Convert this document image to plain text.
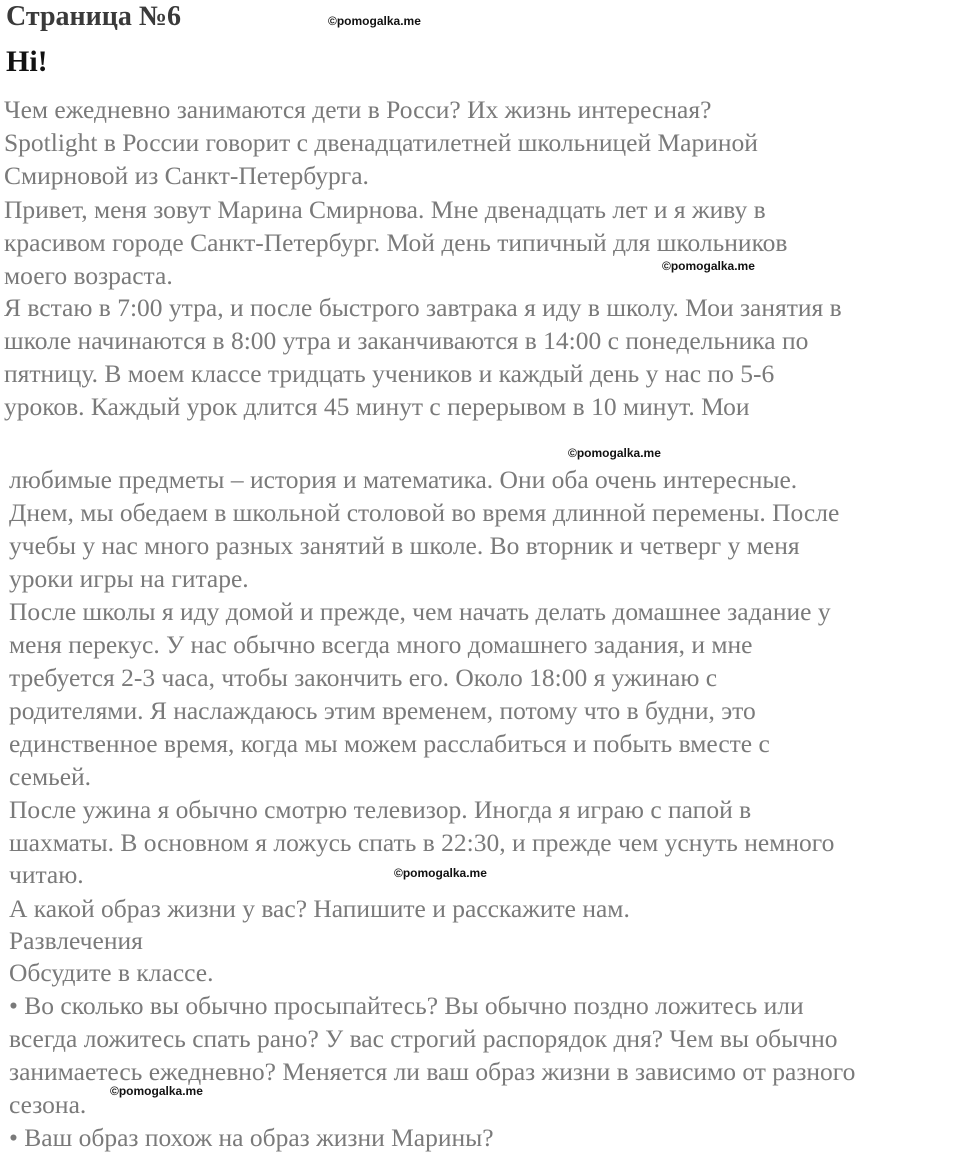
Страница №6	©pomogalka.me
Hi!
Чем ежедневно занимаются дети в Росси? Их жизнь интересная?
Spotlight в России говорит с двенадцатилетней школьницей Мариной
Смирновой из Санкт-Петербурга.
Привет, меня зовут Марина Смирнова. Мне двенадцать лет и я живу в
красивом городе Санкт-Петербург. Мой день типичный для школьников
моего возраста.
Я встаю в 7:00 утра, и после быстрого завтрака я иду в школу. Мои занятия в
школе начинаются в 8:00 утра и заканчиваются в 14:00 с понедельника по
пятницу. В моем классе тридцать учеников и каждый день у нас по 5-6
уроков. Каждый урок длится 45 минут с перерывом в 10 минут. Мои
©pomogalka.me
©pomogalka.me
любимые предметы – история и математика. Они оба очень интересные.
Днем, мы обедаем в школьной столовой во время длинной перемены. После
учебы у нас много разных занятий в школе. Во вторник и четверг у меня
уроки игры на гитаре.
После школы я иду домой и прежде, чем начать делать домашнее задание у
меня перекус. У нас обычно всегда много домашнего задания, и мне
требуется 2-3 часа, чтобы закончить его. Около 18:00 я ужинаю с
родителями. Я наслаждаюсь этим временем, потому что в будни, это
единственное время, когда мы можем расслабиться и побыть вместе с
семьей.
После ужина я обычно смотрю телевизор. Иногда я играю с папой в
шахматы. В основном я ложусь спать в 22:30, и прежде чем уснуть немного
читаю.
А какой образ жизни у вас? Напишите и расскажите нам.
Развлечения
Обсудите в классе.
• Во сколько вы обычно просыпайтесь? Вы обычно поздно ложитесь или
всегда ложитесь спать рано? У вас строгий распорядок дня? Чем вы обычно
занимаетесь ежедневно? Меняется ли ваш образ жизни в зависимо от разного
сезона.
• Ваш образ похож на образ жизни Марины?
©pomogalka.me
©pomogalka.me
